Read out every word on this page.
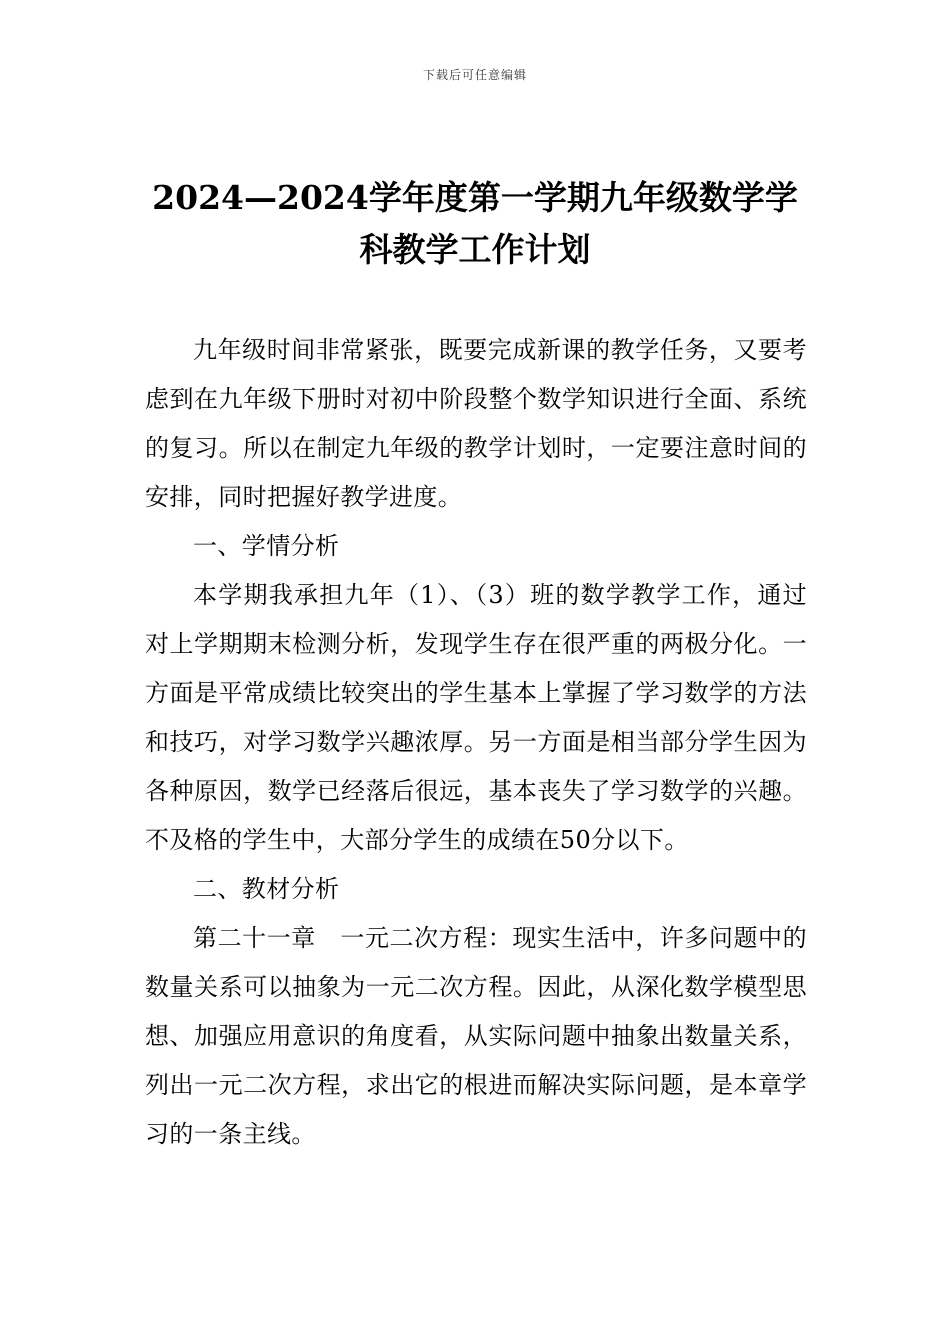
下载后可任意编辑
2024—2024学年度第一学期九年级数学学科教学工作计划

九年级时间非常紧张，既要完成新课的教学任务，又要考虑到在九年级下册时对初中阶段整个数学知识进行全面、系统的复习。所以在制定九年级的教学计划时，一定要注意时间的安排，同时把握好教学进度。

一、学情分析

本学期我承担九年（1）、（3）班的数学教学工作，通过对上学期期末检测分析，发现学生存在很严重的两极分化。一方面是平常成绩比较突出的学生基本上掌握了学习数学的方法和技巧，对学习数学兴趣浓厚。另一方面是相当部分学生因为各种原因，数学已经落后很远，基本丧失了学习数学的兴趣。不及格的学生中，大部分学生的成绩在50分以下。

二、教材分析

第二十一章　一元二次方程：现实生活中，许多问题中的数量关系可以抽象为一元二次方程。因此，从深化数学模型思想、加强应用意识的角度看，从实际问题中抽象出数量关系，列出一元二次方程，求出它的根进而解决实际问题，是本章学习的一条主线。
